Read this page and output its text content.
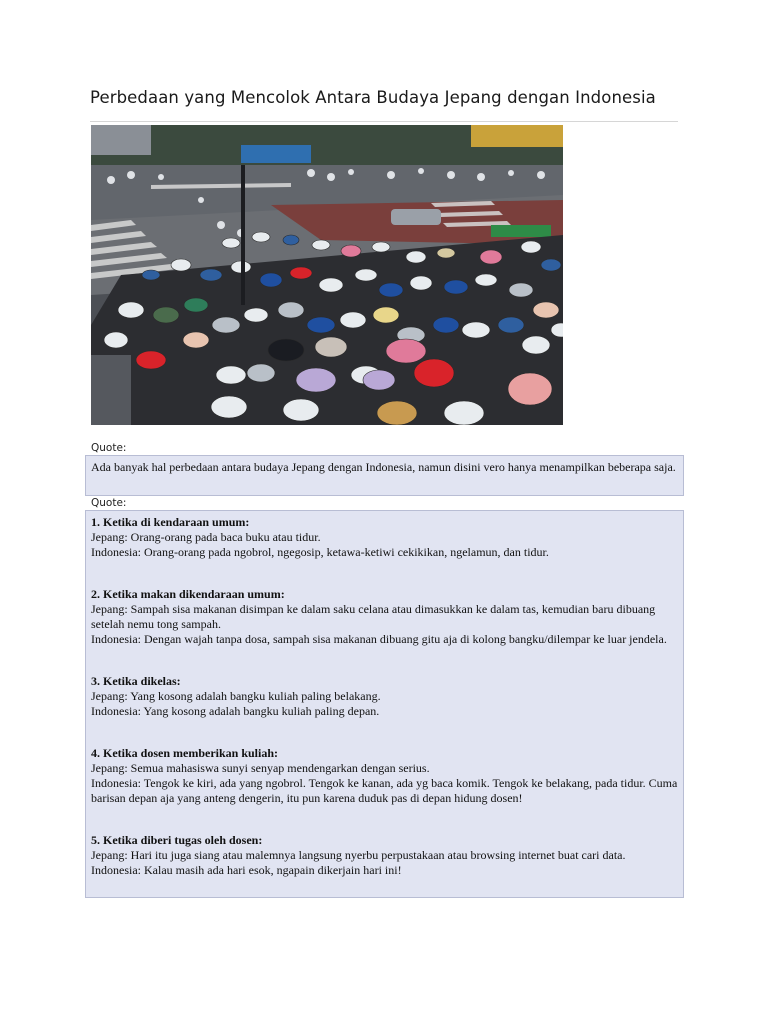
Perbedaan yang Mencolok Antara Budaya Jepang dengan Indonesia
Quote:
Ada banyak hal perbedaan antara budaya Jepang dengan Indonesia, namun disini vero hanya menampilkan beberapa saja.
Quote:
1. Ketika di kendaraan umum:
Jepang: Orang-orang pada baca buku atau tidur.
Indonesia: Orang-orang pada ngobrol, ngegosip, ketawa-ketiwi cekikikan, ngelamun, dan tidur.
2. Ketika makan dikendaraan umum:
Jepang: Sampah sisa makanan disimpan ke dalam saku celana atau dimasukkan ke dalam tas, kemudian baru dibuang setelah nemu tong sampah.
Indonesia: Dengan wajah tanpa dosa, sampah sisa makanan dibuang gitu aja di kolong bangku/dilempar ke luar jendela.
3. Ketika dikelas:
Jepang: Yang kosong adalah bangku kuliah paling belakang.
Indonesia: Yang kosong adalah bangku kuliah paling depan.
4. Ketika dosen memberikan kuliah:
Jepang: Semua mahasiswa sunyi senyap mendengarkan dengan serius.
Indonesia: Tengok ke kiri, ada yang ngobrol. Tengok ke kanan, ada yg baca komik. Tengok ke belakang, pada tidur. Cuma barisan depan aja yang anteng dengerin, itu pun karena duduk pas di depan hidung dosen!
5. Ketika diberi tugas oleh dosen:
Jepang: Hari itu juga siang atau malemnya langsung nyerbu perpustakaan atau browsing internet buat cari data.
Indonesia: Kalau masih ada hari esok, ngapain dikerjain hari ini!
